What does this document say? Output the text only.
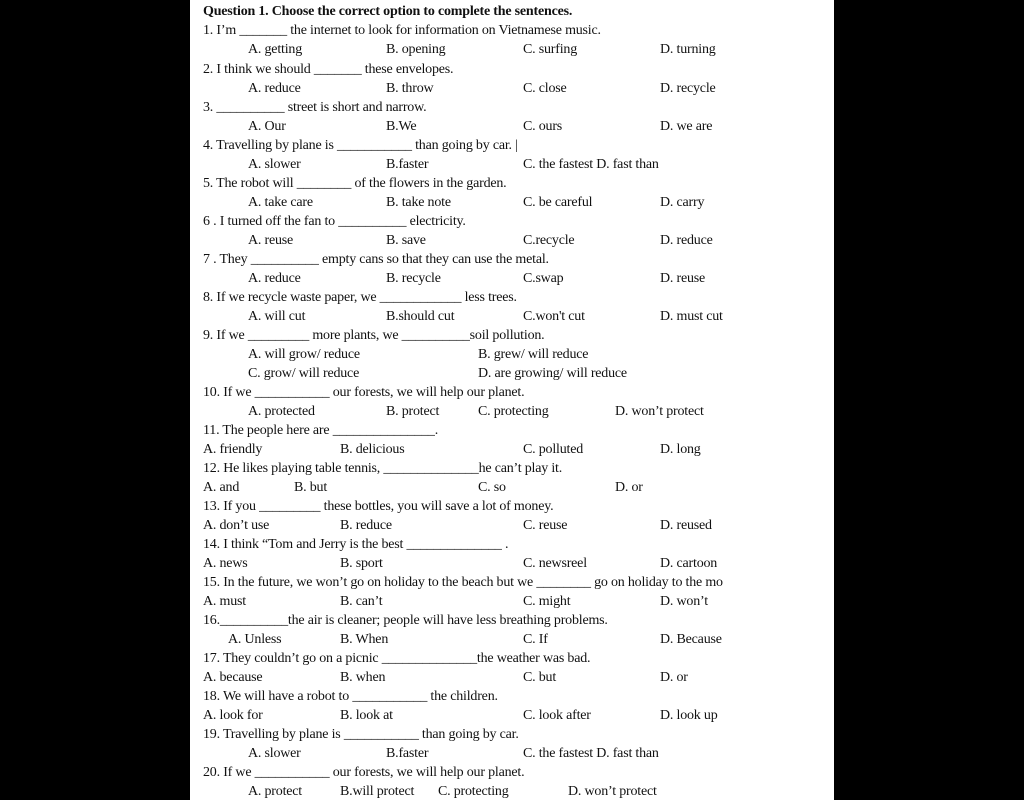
Question 1. Choose the correct option to complete the sentences.
1. I’m _______ the internet to look for information on Vietnamese music.
A. getting	B. opening	C. surfing	D. turning
2. I think we should _______ these envelopes.
A. reduce	B. throw	C. close	D. recycle
3. __________ street is short and narrow.
A. Our	B.We	C. ours	D. we are
4. Travelling by plane is ___________ than going by car. |
A. slower	B.faster	C. the fastest D. fast than
5. The robot will ________ of the flowers in the garden.
A. take care	B. take note	C. be careful	D. carry
6 . I turned off the fan to __________ electricity.
A. reuse	B. save	C.recycle	D. reduce
7 . They __________ empty cans so that they can use the metal.
A. reduce	B. recycle	C.swap	D. reuse
8. If we recycle waste paper, we ____________ less trees.
A. will cut	B.should cut	C.won't cut	D. must cut
9. If we _________ more plants, we __________soil pollution.
A. will grow/ reduce	B. grew/ will reduce
C. grow/ will reduce	D. are growing/ will reduce
10. If we ___________ our forests, we will help our planet.
A. protected	B. protect	C. protecting	D. won’t protect
11. The people here are _______________.
A. friendly	B. delicious	C. polluted	D. long
12. He likes playing table tennis, ______________he can’t play it.
A. and	B. but	C. so	D. or
13. If you _________ these bottles, you will save a lot of money.
A. don’t use	B. reduce	C. reuse	D. reused
14. I think “Tom and Jerry is the best ______________ .
A. news	B. sport	C. newsreel	D. cartoon
15. In the future, we won’t go on holiday to the beach but we ________ go on holiday to the mo
A. must	B. can’t	C. might	D. won’t
16.__________the air is cleaner; people will have less breathing problems.
A. Unless	B. When	C. If	D. Because
17. They couldn’t go on a picnic ______________the weather was bad.
A. because	B. when	C. but	D. or
18. We will have a robot to ___________ the children.
A. look for	B. look at	C. look after	D. look up
19. Travelling by plane is ___________ than going by car.
A. slower	B.faster	C. the fastest D. fast than
20. If we ___________ our forests, we will help our planet.
A. protect	B.will protect C. protecting	D. won’t protect
